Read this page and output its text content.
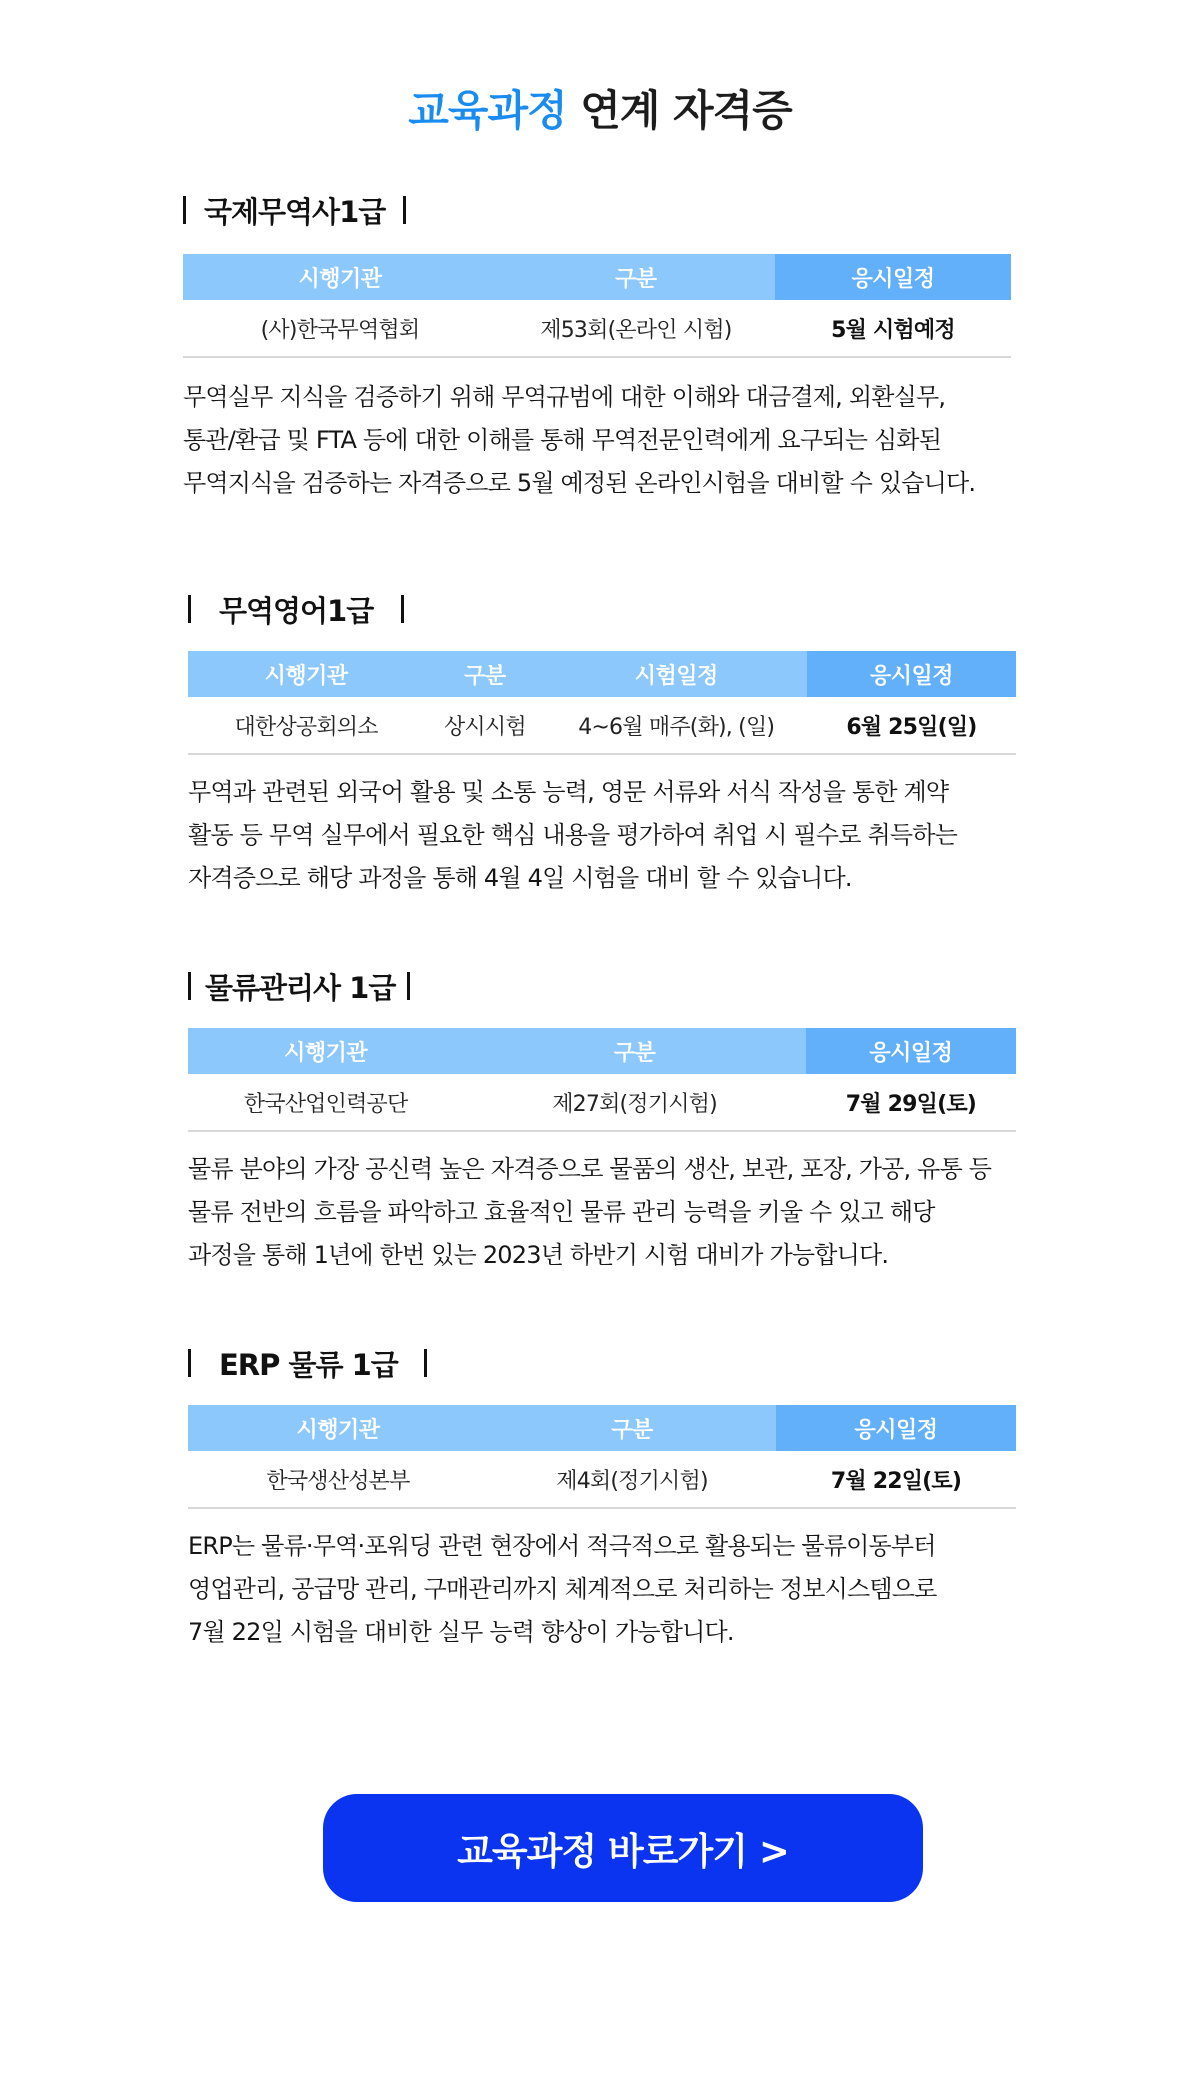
교육과정 연계 자격증
국제무역사1급
시행기관	구분	응시일정
(사)한국무역협회	제53회(온라인 시험)	5월 시험예정

무역실무 지식을 검증하기 위해 무역규범에 대한 이해와 대금결제, 외환실무,
통관/환급 및 FTA 등에 대한 이해를 통해 무역전문인력에게 요구되는 심화된
무역지식을 검증하는 자격증으로 5월 예정된 온라인시험을 대비할 수 있습니다.

무역영어1급
시행기관	구분	시험일정	응시일정
대한상공회의소	상시시험	4~6월 매주(화), (일)	6월 25일(일)

무역과 관련된 외국어 활용 및 소통 능력, 영문 서류와 서식 작성을 통한 계약
활동 등 무역 실무에서 필요한 핵심 내용을 평가하여 취업 시 필수로 취득하는
자격증으로 해당 과정을 통해 4월 4일 시험을 대비 할 수 있습니다.

물류관리사 1급
시행기관	구분	응시일정
한국산업인력공단	제27회(정기시험)	7월 29일(토)

물류 분야의 가장 공신력 높은 자격증으로 물품의 생산, 보관, 포장, 가공, 유통 등
물류 전반의 흐름을 파악하고 효율적인 물류 관리 능력을 키울 수 있고 해당
과정을 통해 1년에 한번 있는 2023년 하반기 시험 대비가 가능합니다.

ERP 물류 1급
시행기관	구분	응시일정
한국생산성본부	제4회(정기시험)	7월 22일(토)

ERP는 물류·무역·포워딩 관련 현장에서 적극적으로 활용되는 물류이동부터
영업관리, 공급망 관리, 구매관리까지 체계적으로 처리하는 정보시스템으로
7월 22일 시험을 대비한 실무 능력 향상이 가능합니다.

교육과정 바로가기 >
